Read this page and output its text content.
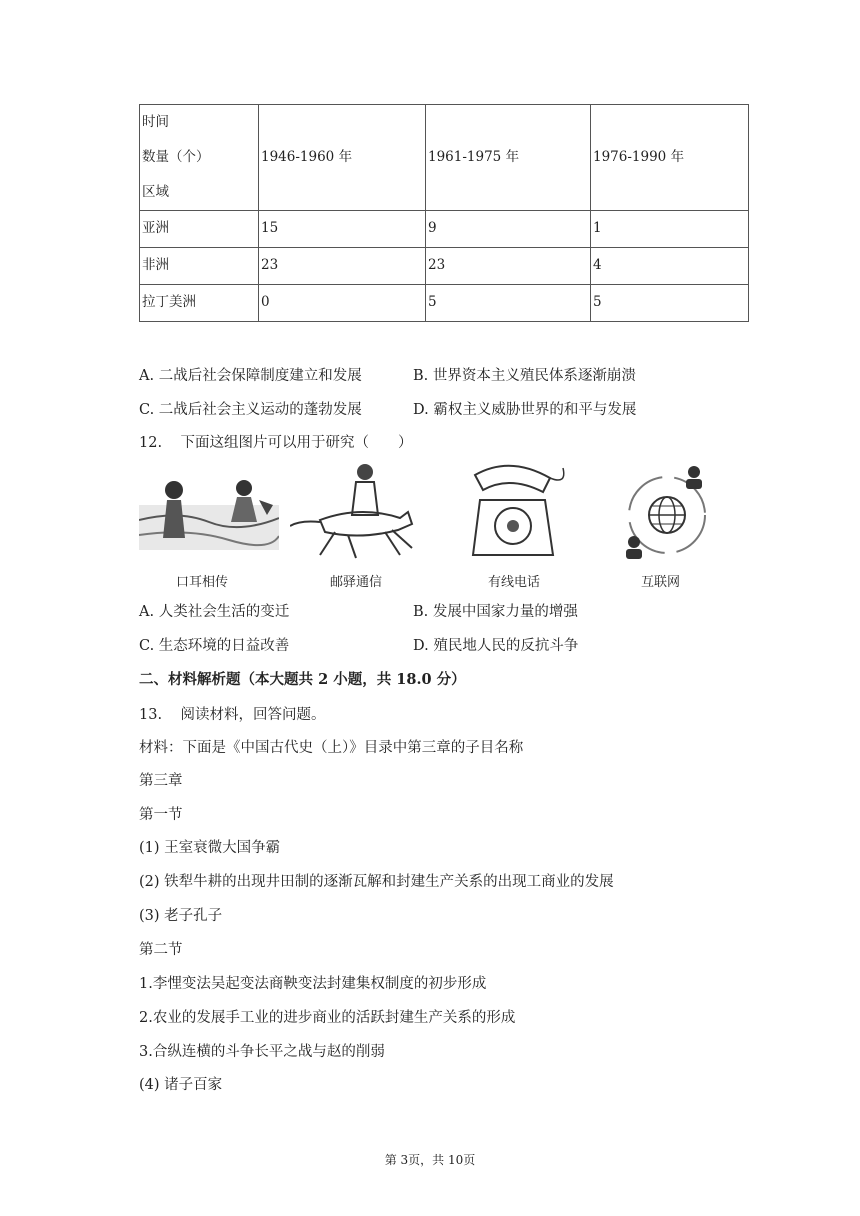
时间
数量（个）
区域	1946-1960 年	1961-1975 年	1976-1990 年
亚洲	15	9	1
非洲	23	23	4
拉丁美洲	0	5	5
A. 二战后社会保障制度建立和发展	B. 世界资本主义殖民体系逐渐崩溃
C. 二战后社会主义运动的蓬勃发展	D. 霸权主义威胁世界的和平与发展
12. 下面这组图片可以用于研究（　　）
口耳相传	邮驿通信	有线电话	互联网
A. 人类社会生活的变迁	B. 发展中国家力量的增强
C. 生态环境的日益改善	D. 殖民地人民的反抗斗争
二、材料解析题（本大题共 2 小题，共 18.0 分）
13. 阅读材料，回答问题。
材料：下面是《中国古代史（上）》目录中第三章的子目名称
第三章
第一节
(1) 王室衰微大国争霸
(2) 铁犁牛耕的出现井田制的逐渐瓦解和封建生产关系的出现工商业的发展
(3) 老子孔子
第二节
1.李悝变法吴起变法商鞅变法封建集权制度的初步形成
2.农业的发展手工业的进步商业的活跃封建生产关系的形成
3.合纵连横的斗争长平之战与赵的削弱
(4) 诸子百家
第 3页，共 10页
